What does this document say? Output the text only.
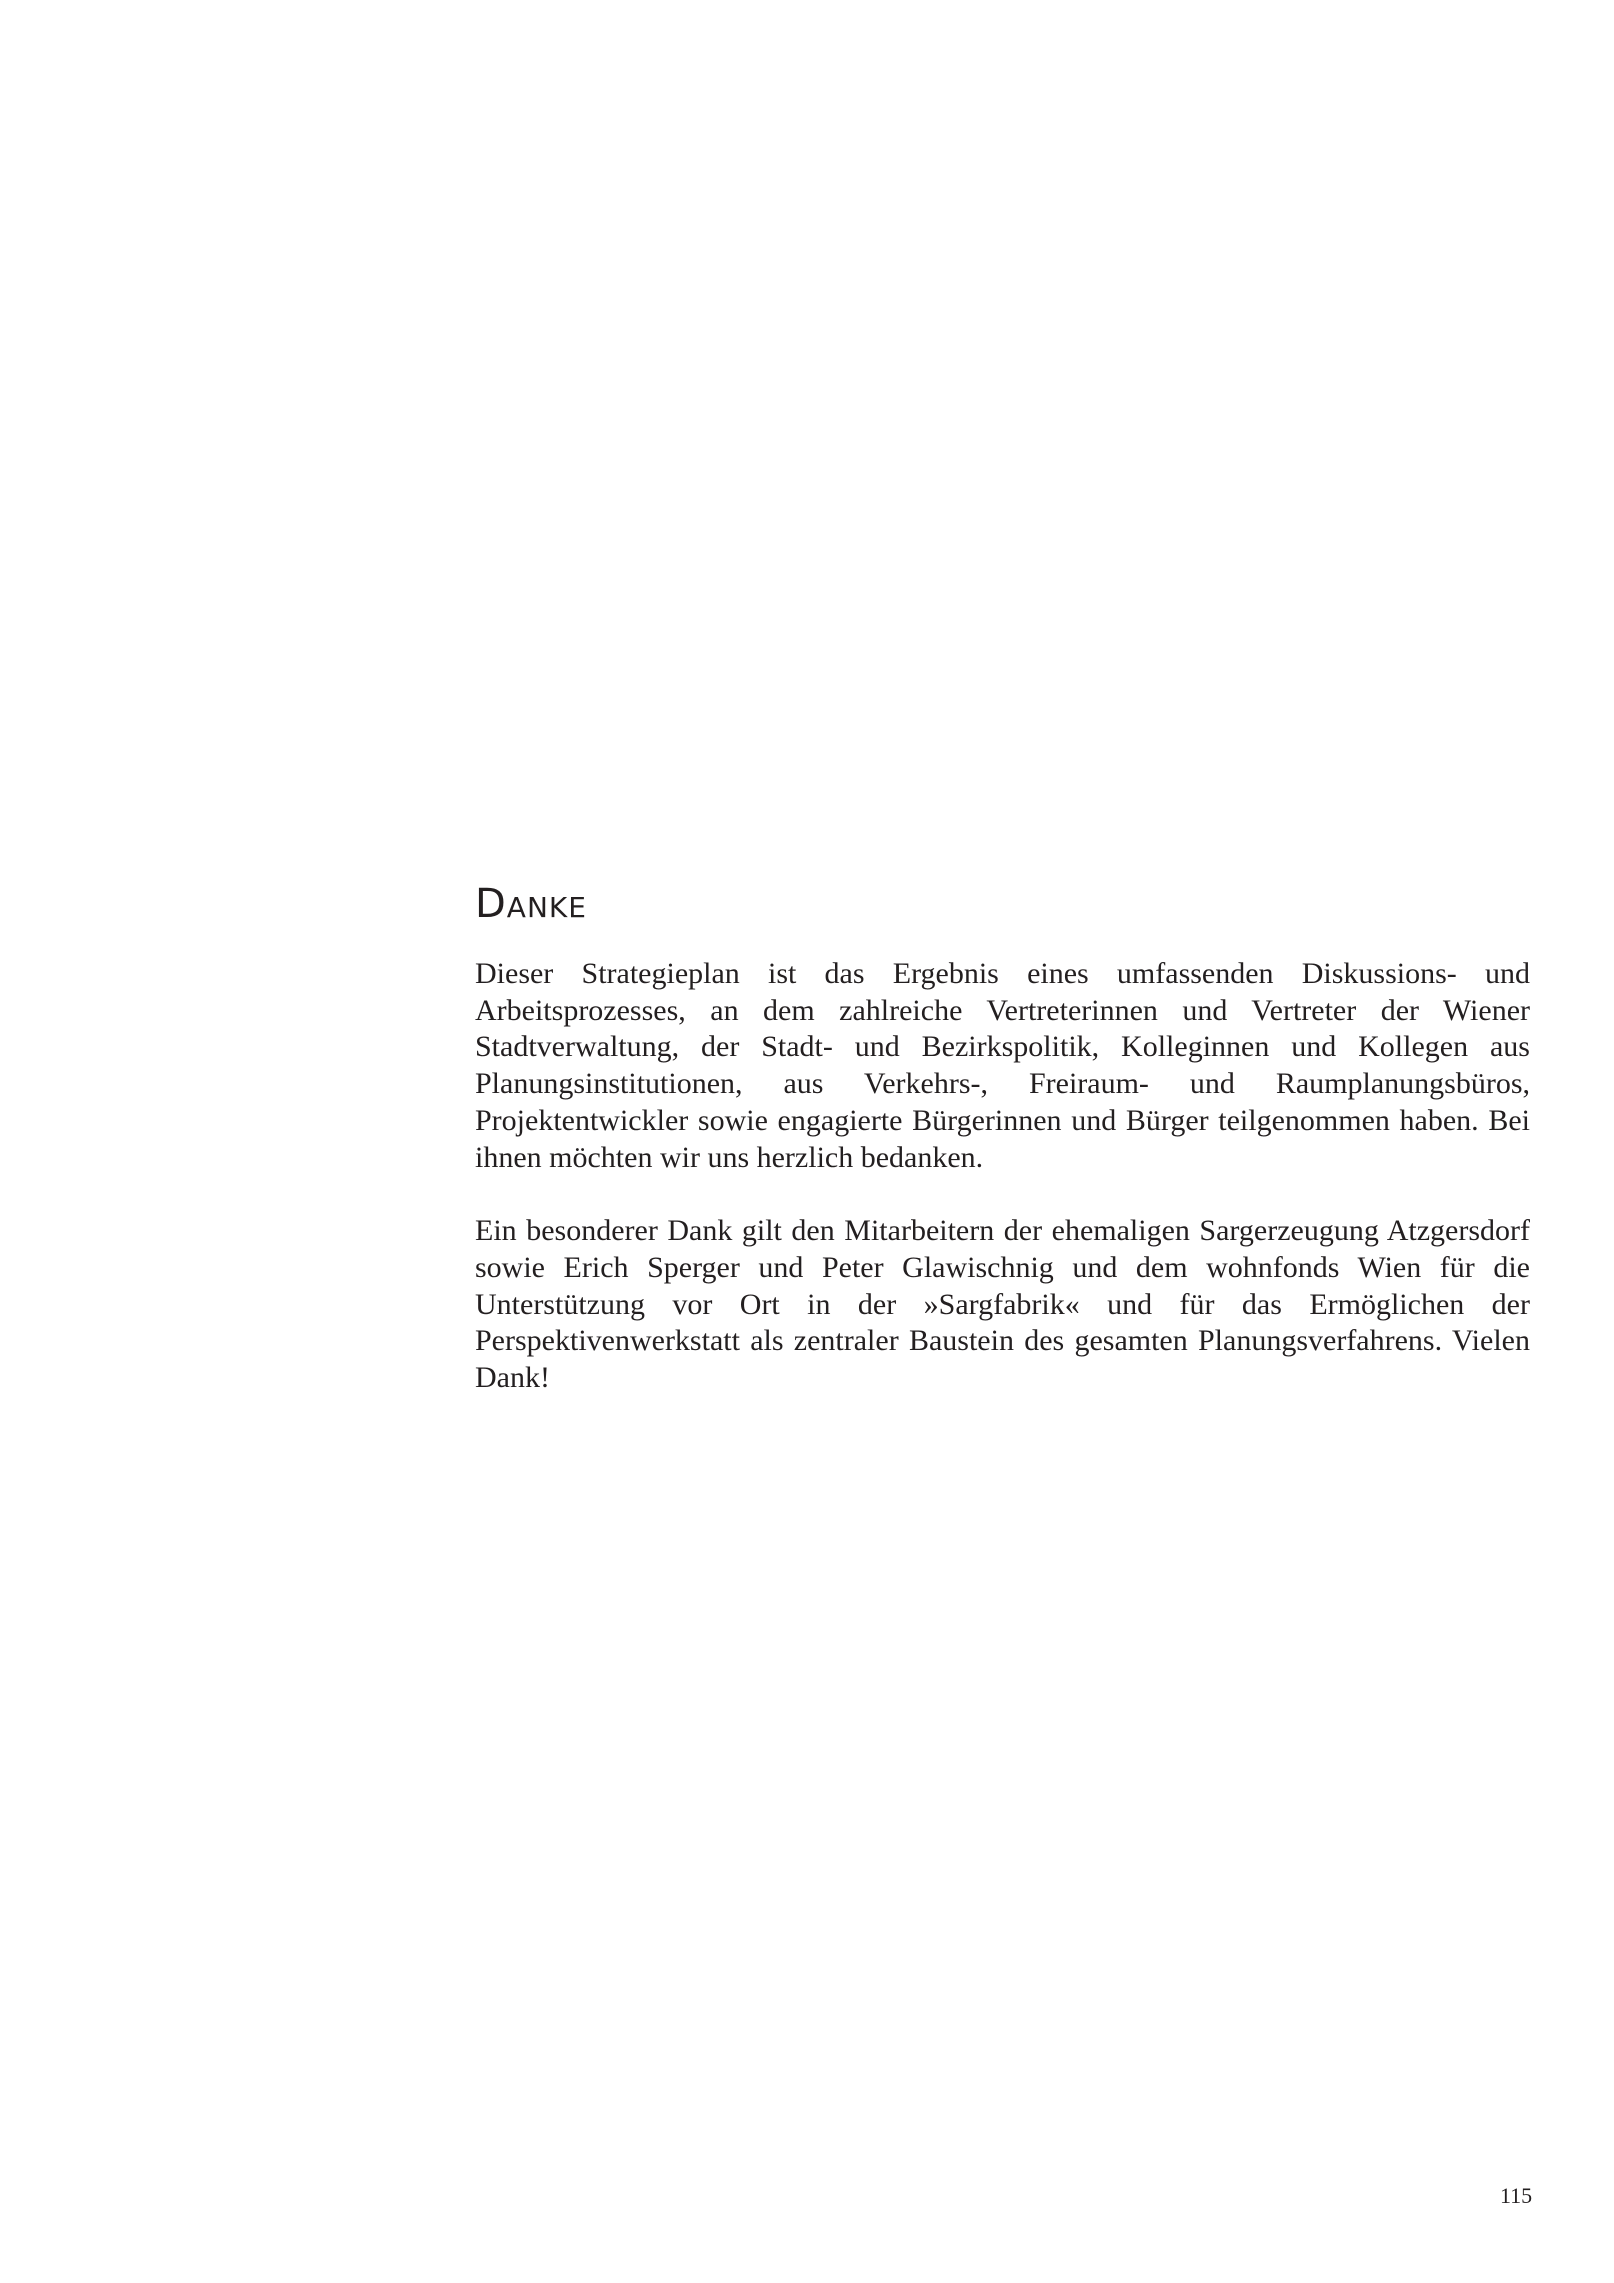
Danke

Dieser Strategieplan ist das Ergebnis eines umfassenden Diskussions- und Arbeitsprozesses, an dem zahlreiche Vertreterinnen und Vertreter der Wiener Stadtverwaltung, der Stadt- und Bezirkspolitik, Kolleginnen und Kollegen aus Planungsinstitutionen, aus Verkehrs-, Freiraum- und Raumplanungsbüros, Projektentwickler sowie engagierte Bürgerinnen und Bürger teilgenommen haben. Bei ihnen möchten wir uns herzlich bedanken.

Ein besonderer Dank gilt den Mitarbeitern der ehemaligen Sargerzeugung Atzgersdorf sowie Erich Sperger und Peter Glawischnig und dem wohnfonds Wien für die Unterstützung vor Ort in der »Sargfabrik« und für das Ermöglichen der Perspektivenwerkstatt als zentraler Baustein des gesamten Planungsverfahrens. Vielen Dank!

115
